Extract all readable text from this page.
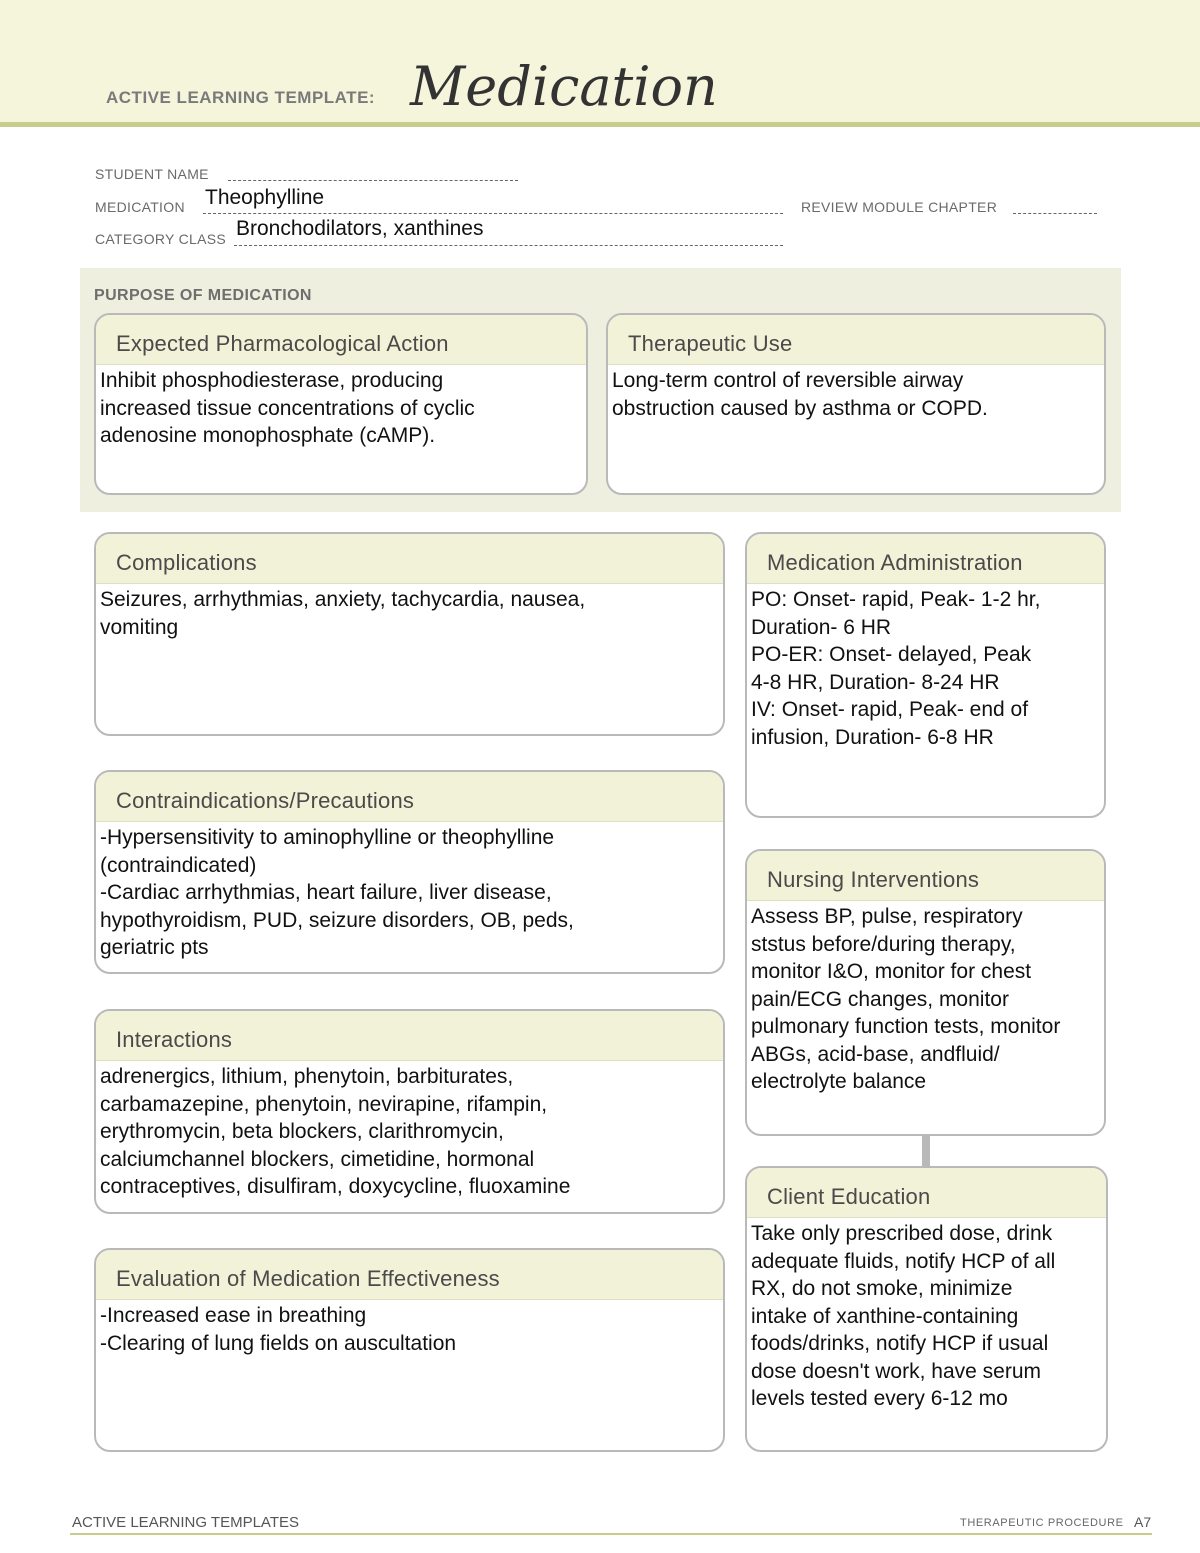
ACTIVE LEARNING TEMPLATE: Medication
STUDENT NAME
MEDICATION Theophylline	REVIEW MODULE CHAPTER
CATEGORY CLASS Bronchodilators, xanthines
PURPOSE OF MEDICATION
Expected Pharmacological Action
Inhibit phosphodiesterase, producing
increased tissue concentrations of cyclic
adenosine monophosphate (cAMP).
Therapeutic Use
Long-term control of reversible airway
obstruction caused by asthma or COPD.
Complications
Seizures, arrhythmias, anxiety, tachycardia, nausea,
vomiting
Medication Administration
PO: Onset- rapid, Peak- 1-2 hr,
Duration- 6 HR
PO-ER: Onset- delayed, Peak
4-8 HR, Duration- 8-24 HR
IV: Onset- rapid, Peak- end of
infusion, Duration- 6-8 HR
Contraindications/Precautions
-Hypersensitivity to aminophylline or theophylline
(contraindicated)
-Cardiac arrhythmias, heart failure, liver disease,
hypothyroidism, PUD, seizure disorders, OB, peds,
geriatric pts
Nursing Interventions
Assess BP, pulse, respiratory
ststus before/during therapy,
monitor I&O, monitor for chest
pain/ECG changes, monitor
pulmonary function tests, monitor
ABGs, acid-base, andfluid/
electrolyte balance
Interactions
adrenergics, lithium, phenytoin, barbiturates,
carbamazepine, phenytoin, nevirapine, rifampin,
erythromycin, beta blockers, clarithromycin,
calciumchannel blockers, cimetidine, hormonal
contraceptives, disulfiram, doxycycline, fluoxamine	Client Education
Take only prescribed dose, drink
adequate fluids, notify HCP of all
RX, do not smoke, minimize
intake of xanthine-containing
foods/drinks, notify HCP if usual
dose doesn't work, have serum
levels tested every 6-12 mo
Evaluation of Medication Effectiveness
-Increased ease in breathing
-Clearing of lung fields on auscultation
ACTIVE LEARNING TEMPLATES	THERAPEUTIC PROCEDURE A7
